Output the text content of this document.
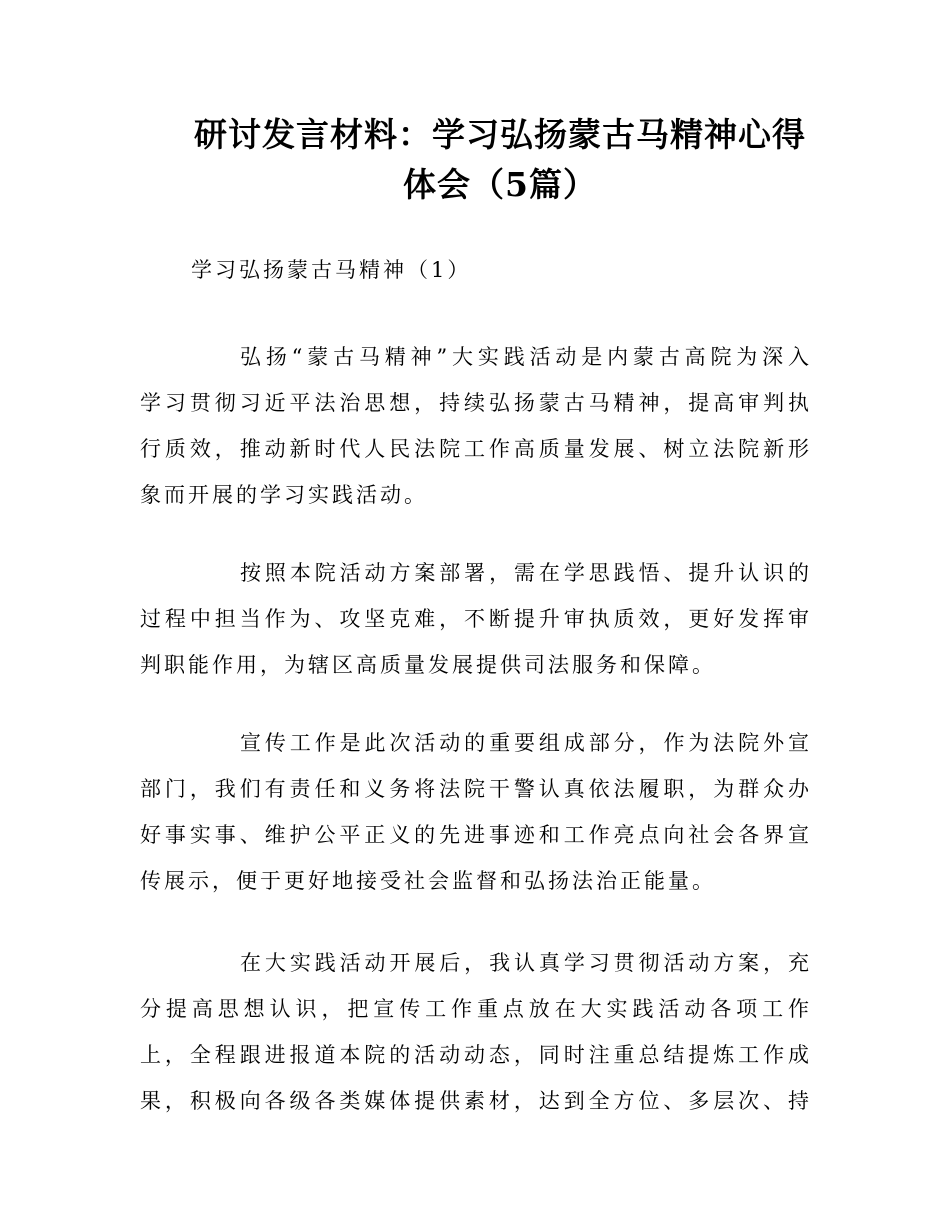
研讨发言材料：学习弘扬蒙古马精神心得
体会（5篇）
学习弘扬蒙古马精神（1）
弘扬“蒙古马精神”大实践活动是内蒙古高院为深入
学习贯彻习近平法治思想，持续弘扬蒙古马精神，提高审判执
行质效，推动新时代人民法院工作高质量发展、树立法院新形
象而开展的学习实践活动。
按照本院活动方案部署，需在学思践悟、提升认识的
过程中担当作为、攻坚克难，不断提升审执质效，更好发挥审
判职能作用，为辖区高质量发展提供司法服务和保障。
宣传工作是此次活动的重要组成部分，作为法院外宣
部门，我们有责任和义务将法院干警认真依法履职，为群众办
好事实事、维护公平正义的先进事迹和工作亮点向社会各界宣
传展示，便于更好地接受社会监督和弘扬法治正能量。
在大实践活动开展后，我认真学习贯彻活动方案，充
分提高思想认识，把宣传工作重点放在大实践活动各项工作
上，全程跟进报道本院的活动动态，同时注重总结提炼工作成
果，积极向各级各类媒体提供素材，达到全方位、多层次、持
